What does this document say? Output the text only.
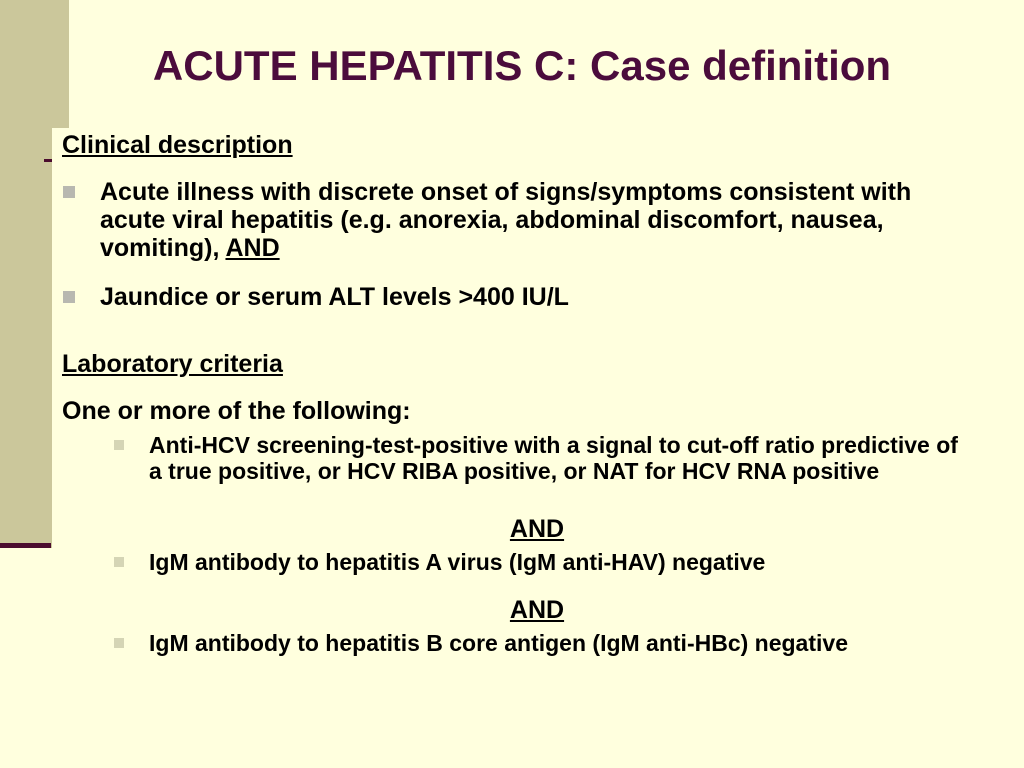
ACUTE HEPATITIS C: Case definition
Clinical description
Acute illness with discrete onset of signs/symptoms consistent with acute viral hepatitis (e.g. anorexia, abdominal discomfort, nausea, vomiting), AND
Jaundice or serum ALT levels >400 IU/L
Laboratory criteria
One or more of the following:
Anti-HCV screening-test-positive with a signal to cut-off ratio predictive of a true positive, or HCV RIBA positive, or NAT for HCV RNA positive
AND
IgM antibody to hepatitis A virus (IgM anti-HAV) negative
AND
IgM antibody to hepatitis B core antigen (IgM anti-HBc) negative
